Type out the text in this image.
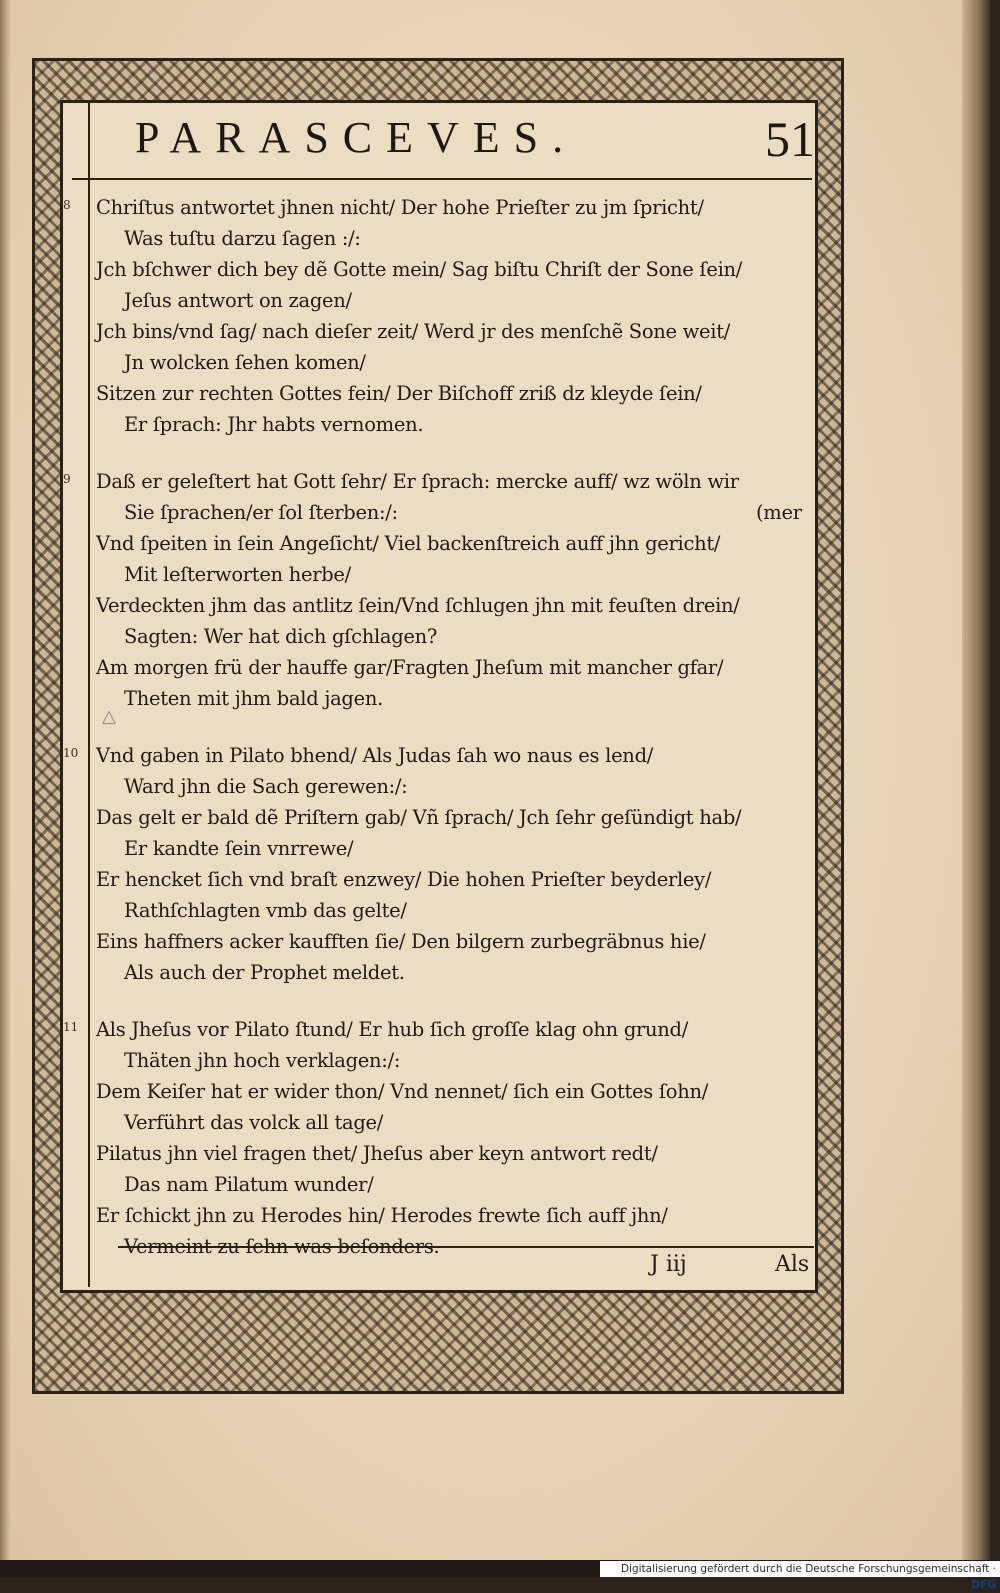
PARASCEVES.	51
8 Chriſtus antwortet jhnen nicht/ Der hohe Prieſter zu jm ſpricht/
Was tuſtu darzu ſagen :/:
Jch bſchwer dich bey dẽ Gotte mein/ Sag biſtu Chriſt der Sone ſein/
Jeſus antwort on zagen/
Jch bins/vnd ſag/ nach dieſer zeit/ Werd jr des menſchẽ Sone weit/
Jn wolcken ſehen komen/
Sitzen zur rechten Gottes fein/ Der Biſchoff zriß dz kleyde ſein/
Er ſprach: Jhr habts vernomen.
9 Daß er geleſtert hat Gott ſehr/ Er ſprach: mercke auff/ wz wöln wir
Sie ſprachen/er ſol ſterben:/:	(mer
Vnd ſpeiten in ſein Angeſicht/ Viel backenſtreich auff jhn gericht/
Mit leſterworten herbe/
Verdeckten jhm das antlitz ſein/Vnd ſchlugen jhn mit feuſten drein/
Sagten: Wer hat dich gſchlagen?
Am morgen frü der hauffe gar/Fragten Jheſum mit mancher gfar/
Theten mit jhm bald jagen.
10 Vnd gaben in Pilato bhend/ Als Judas ſah wo naus es lend/
Ward jhn die Sach gerewen:/:
Das gelt er bald dẽ Priſtern gab/ Vñ ſprach/ Jch ſehr geſündigt hab/
Er kandte ſein vnrrewe/
Er hencket ſich vnd braſt enzwey/ Die hohen Prieſter beyderley/
Rathſchlagten vmb das gelte/
Eins haffners acker kaufften ſie/ Den bilgern zurbegräbnus hie/
Als auch der Prophet meldet.
11 Als Jheſus vor Pilato ſtund/ Er hub ſich groſſe klag ohn grund/
Thäten jhn hoch verklagen:/:
Dem Keiſer hat er wider thon/ Vnd nennet/ ſich ein Gottes ſohn/
Verführt das volck all tage/
Pilatus jhn viel fragen thet/ Jheſus aber keyn antwort redt/
Das nam Pilatum wunder/
Er ſchickt jhn zu Herodes hin/ Herodes frewte ſich auff jhn/
Vermeint zu ſehn was beſonders.
△
J iij	Als
Digitalisierung gefördert durch die Deutsche Forschungsgemeinschaft · DFG
